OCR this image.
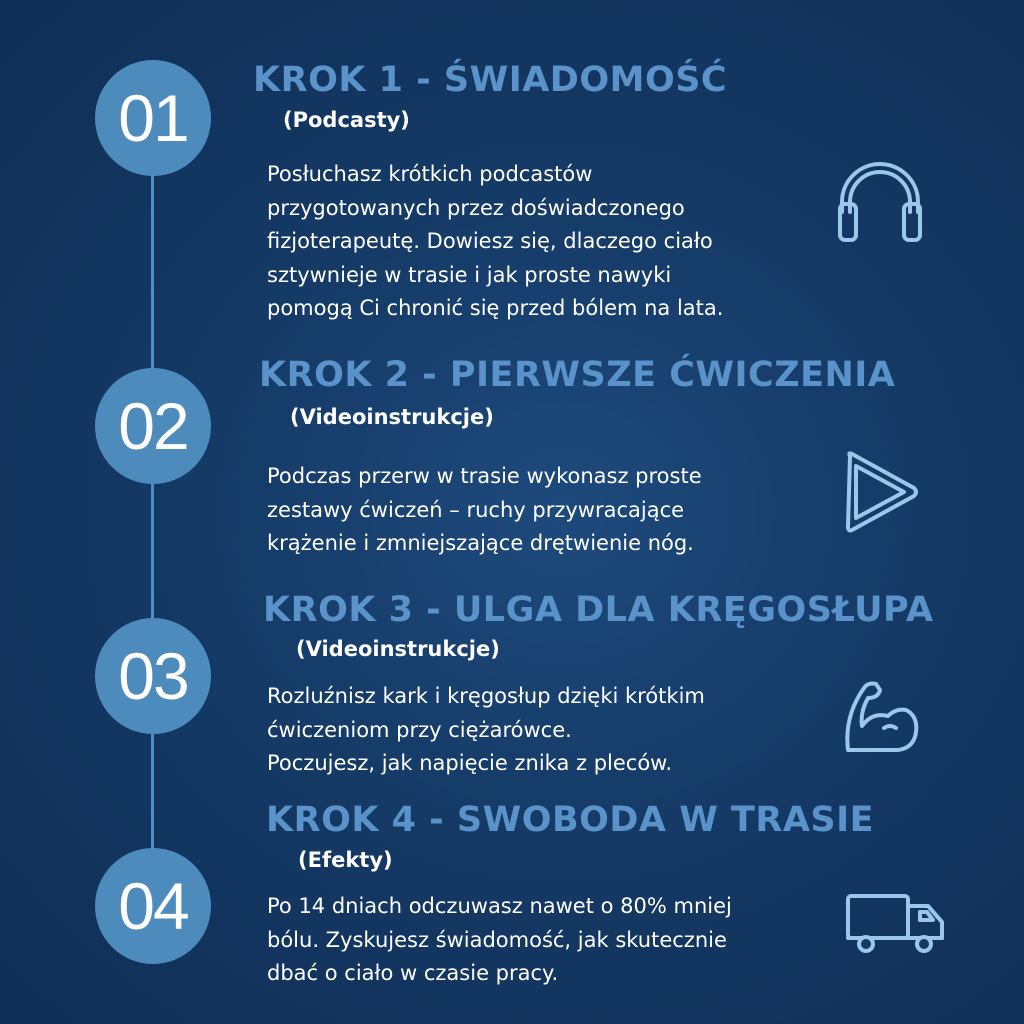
01
KROK 1 - ŚWIADOMOŚĆ

(Podcasty)

Posłuchasz krótkich podcastów
przygotowanych przez doświadczonego
fizjoterapeutę. Dowiesz się, dlaczego ciało
sztywnieje w trasie i jak proste nawyki
pomogą Ci chronić się przed bólem na lata.

02
KROK 2 - PIERWSZE ĆWICZENIA

(Videoinstrukcje)

Podczas przerw w trasie wykonasz proste
zestawy ćwiczeń – ruchy przywracające
krążenie i zmniejszające drętwienie nóg.

03
KROK 3 - ULGA DLA KRĘGOSŁUPA

(Videoinstrukcje)

Rozluźnisz kark i kręgosłup dzięki krótkim
ćwiczeniom przy ciężarówce.
Poczujesz, jak napięcie znika z pleców.

04
KROK 4 - SWOBODA W TRASIE

(Efekty)

Po 14 dniach odczuwasz nawet o 80% mniej
bólu. Zyskujesz świadomość, jak skutecznie
dbać o ciało w czasie pracy.
